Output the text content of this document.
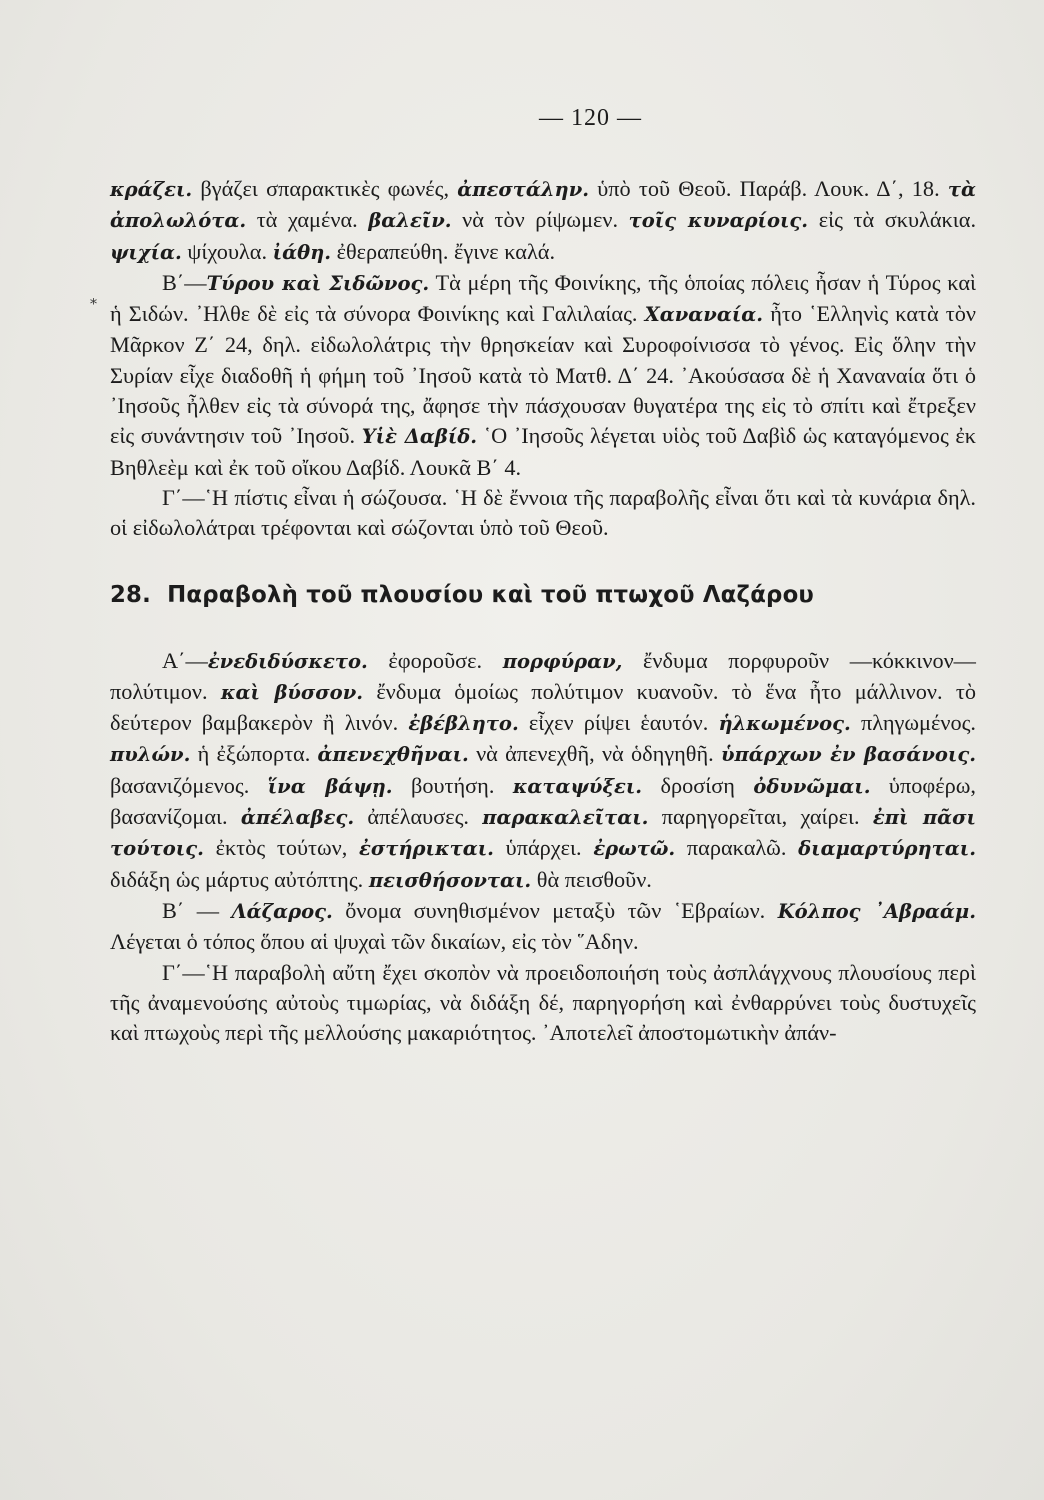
⁎
— 120 —

κράζει. βγάζει σπαρακτικὲς φωνές, ἀπεστάλην. ὑπὸ τοῦ Θεοῦ. Παράβ. Λουκ. Δ΄, 18. τὰ ἀπολωλότα. τὰ χαμένα. βαλεῖν. νὰ τὸν ρίψωμεν. τοῖς κυναρίοις. εἰς τὰ σκυλάκια. ψιχία. ψίχουλα. ἰάθη. ἐθεραπεύθη. ἔγινε καλά.

Β΄—Τύρου καὶ Σιδῶνος. Τὰ μέρη τῆς Φοινίκης, τῆς ὁποίας πόλεις ἦσαν ἡ Τύρος καὶ ἡ Σιδών. ᾿Ηλθε δὲ εἰς τὰ σύνορα Φοινίκης καὶ Γαλιλαίας. Χαναναία. ἦτο ῾Ελληνὶς κατὰ τὸν Μᾶρκον Ζ΄ 24, δηλ. εἰδωλολάτρις τὴν θρησκείαν καὶ Συροφοίνισσα τὸ γένος. Εἰς ὅλην τὴν Συρίαν εἶχε διαδοθῆ ἡ φήμη τοῦ ᾿Ιησοῦ κατὰ τὸ Ματθ. Δ΄ 24. ᾿Ακούσασα δὲ ἡ Χαναναία ὅτι ὁ ᾿Ιησοῦς ἦλθεν εἰς τὰ σύνορά της, ἄφησε τὴν πάσχουσαν θυγατέρα της εἰς τὸ σπίτι καὶ ἔτρεξεν εἰς συνάντησιν τοῦ ᾿Ιησοῦ. Υἱὲ Δαβίδ. ῾Ο ᾿Ιησοῦς λέγεται υἱὸς τοῦ Δαβὶδ ὡς καταγόμενος ἐκ Βηθλεὲμ καὶ ἐκ τοῦ οἴκου Δαβίδ. Λουκᾶ Β΄ 4.

Γ΄—῾Η πίστις εἶναι ἡ σώζουσα. ῾Η δὲ ἔννοια τῆς παραβολῆς εἶναι ὅτι καὶ τὰ κυνάρια δηλ. οἱ εἰδωλολάτραι τρέφονται καὶ σώζονται ὑπὸ τοῦ Θεοῦ.

28. Παραβολὴ τοῦ πλουσίου καὶ τοῦ πτωχοῦ Λαζάρου

Α΄—ἐνεδιδύσκετο. ἐφοροῦσε. πορφύραν, ἔνδυμα πορφυροῦν —κόκκινον—πολύτιμον. καὶ βύσσον. ἔνδυμα ὁμοίως πολύτιμον κυανοῦν. τὸ ἕνα ἦτο μάλλινον. τὸ δεύτερον βαμβακερὸν ἢ λινόν. ἐβέβλητο. εἶχεν ρίψει ἑαυτόν. ἡλκωμένος. πληγωμένος. πυλών. ἡ ἐξώπορτα. ἀπενεχθῆναι. νὰ ἀπενεχθῆ, νὰ ὁδηγηθῆ. ὑπάρχων ἐν βασάνοις. βασανιζόμενος. ἵνα βάψῃ. βουτήση. καταψύξει. δροσίση ὀδυνῶμαι. ὑποφέρω, βασανίζομαι. ἀπέλαβες. ἀπέλαυσες. παρακαλεῖται. παρηγορεῖται, χαίρει. ἐπὶ πᾶσι τούτοις. ἐκτὸς τούτων, ἐστήρικται. ὑπάρχει. ἐρωτῶ. παρακαλῶ. διαμαρτύρηται. διδάξη ὡς μάρτυς αὐτόπτης. πεισθήσονται. θὰ πεισθοῦν.

Β΄ — Λάζαρος. ὄνομα συνηθισμένον μεταξὺ τῶν ῾Εβραίων. Κόλπος ᾿Αβραάμ. Λέγεται ὁ τόπος ὅπου αἱ ψυχαὶ τῶν δικαίων, εἰς τὸν ῞Αδην.

Γ΄—῾Η παραβολὴ αὔτη ἔχει σκοπὸν νὰ προειδοποιήση τοὺς ἀσπλάγχνους πλουσίους περὶ τῆς ἀναμενούσης αὐτοὺς τιμωρίας, νὰ διδάξη δέ, παρηγορήση καὶ ἐνθαρρύνει τοὺς δυστυχεῖς καὶ πτωχοὺς περὶ τῆς μελλούσης μακαριότητος. ᾿Αποτελεῖ ἀποστομωτικὴν ἀπάν-
